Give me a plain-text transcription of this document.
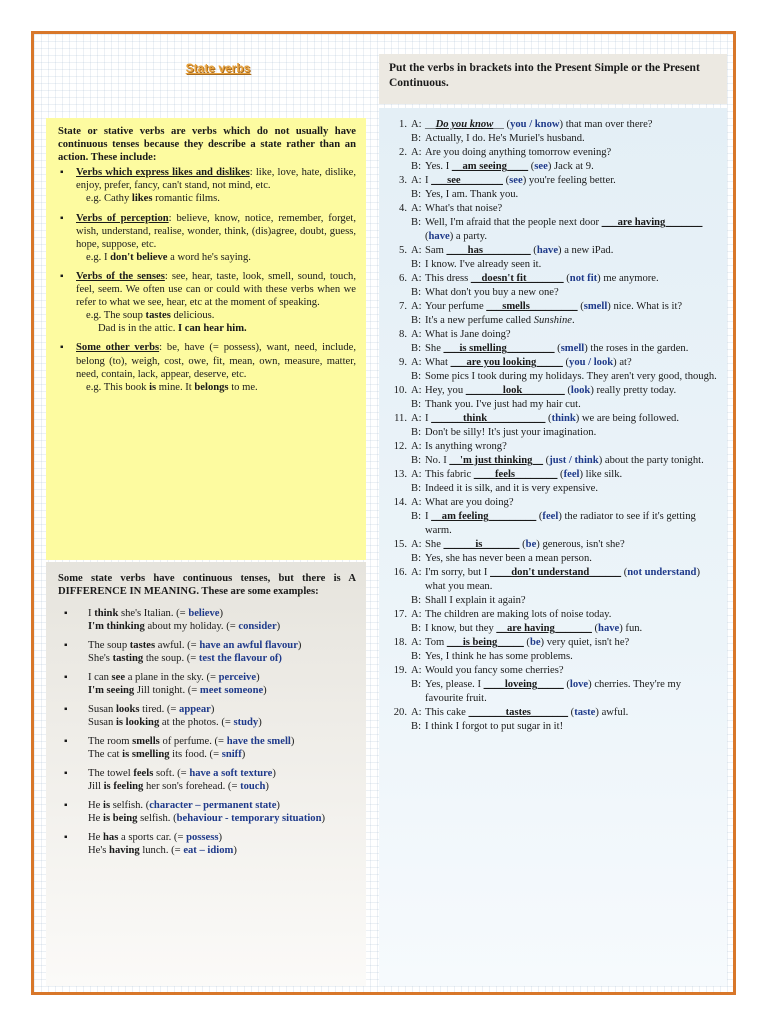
State verbs	Put the verbs in brackets into the Present Simple or the Present Continuous.
State or stative verbs are verbs which do not usually have continuous tenses because they describe a state rather than an action. These include:
▪ Verbs which express likes and dislikes: like, love, hate, dislike, enjoy, prefer, fancy, can't stand, not mind, etc.
e.g. Cathy likes romantic films.
▪ Verbs of perception: believe, know, notice, remember, forget, wish, understand, realise, wonder, think, (dis)agree, doubt, guess, hope, suppose, etc.
e.g. I don't believe a word he's saying.
▪ Verbs of the senses: see, hear, taste, look, smell, sound, touch, feel, seem. We often use can or could with these verbs when we refer to what we see, hear, etc at the moment of speaking.
e.g. The soup tastes delicious.
Dad is in the attic. I can hear him.
▪ Some other verbs: be, have (= possess), want, need, include, belong (to), weigh, cost, owe, fit, mean, own, measure, matter, need, contain, lack, appear, deserve, etc.
e.g. This book is mine. It belongs to me.
Some state verbs have continuous tenses, but there is A DIFFERENCE IN MEANING. These are some examples:
▪ I think she's Italian. (= believe)
I'm thinking about my holiday. (= consider)
▪ The soup tastes awful. (= have an awful flavour)
She's tasting the soup. (= test the flavour of)
▪ I can see a plane in the sky. (= perceive)
I'm seeing Jill tonight. (= meet someone)
▪ Susan looks tired. (= appear)
Susan is looking at the photos. (= study)
▪ The room smells of perfume. (= have the smell)
The cat is smelling its food. (= sniff)
▪ The towel feels soft. (= have a soft texture)
Jill is feeling her son's forehead. (= touch)
▪ He is selfish. (character – permanent state)
He is being selfish. (behaviour - temporary situation)
▪ He has a sports car. (= possess)
He's having lunch. (= eat – idiom)
1. A: __Do you know__ (you / know) that man over there?
B: Actually, I do. He's Muriel's husband.
2. A: Are you doing anything tomorrow evening?
B: Yes. I __am seeing____ (see) Jack at 9.
3. A: I ___see________ (see) you're feeling better.
B: Yes, I am. Thank you.
4. A: What's that noise?
B: Well, I'm afraid that the people next door ___are having_______ (have) a party.
5. A: Sam ____has_________ (have) a new iPad.
B: I know. I've already seen it.
6. A: This dress __doesn't fit_______ (not fit) me anymore.
B: What don't you buy a new one?
7. A: Your perfume ___smells_________ (smell) nice. What is it?
B: It's a new perfume called Sunshine.
8. A: What is Jane doing?
B: She ___is smelling_________ (smell) the roses in the garden.
9. A: What ___are you looking_____ (you / look) at?
B: Some pics I took during my holidays. They aren't very good, though.
10. A: Hey, you _______look________ (look) really pretty today.
B: Thank you. I've just had my hair cut.
11. A: I ______think___________ (think) we are being followed.
B: Don't be silly! It's just your imagination.
12. A: Is anything wrong?
B: No. I __'m just thinking__ (just / think) about the party tonight.
13. A: This fabric ____feels________ (feel) like silk.
B: Indeed it is silk, and it is very expensive.
14. A: What are you doing?
B: I __am feeling_________ (feel) the radiator to see if it's getting warm.
15. A: She ______is_______ (be) generous, isn't she?
B: Yes, she has never been a mean person.
16. A: I'm sorry, but I ____don't understand______ (not understand) what you mean.
B: Shall I explain it again?
17. A: The children are making lots of noise today.
B: I know, but they __are having_______ (have) fun.
18. A: Tom ___is being_____ (be) very quiet, isn't he?
B: Yes, I think he has some problems.
19. A: Would you fancy some cherries?
B: Yes, please. I ____loveing_____ (love) cherries. They're my favourite fruit.
20. A: This cake _______tastes_______ (taste) awful.
B: I think I forgot to put sugar in it!
